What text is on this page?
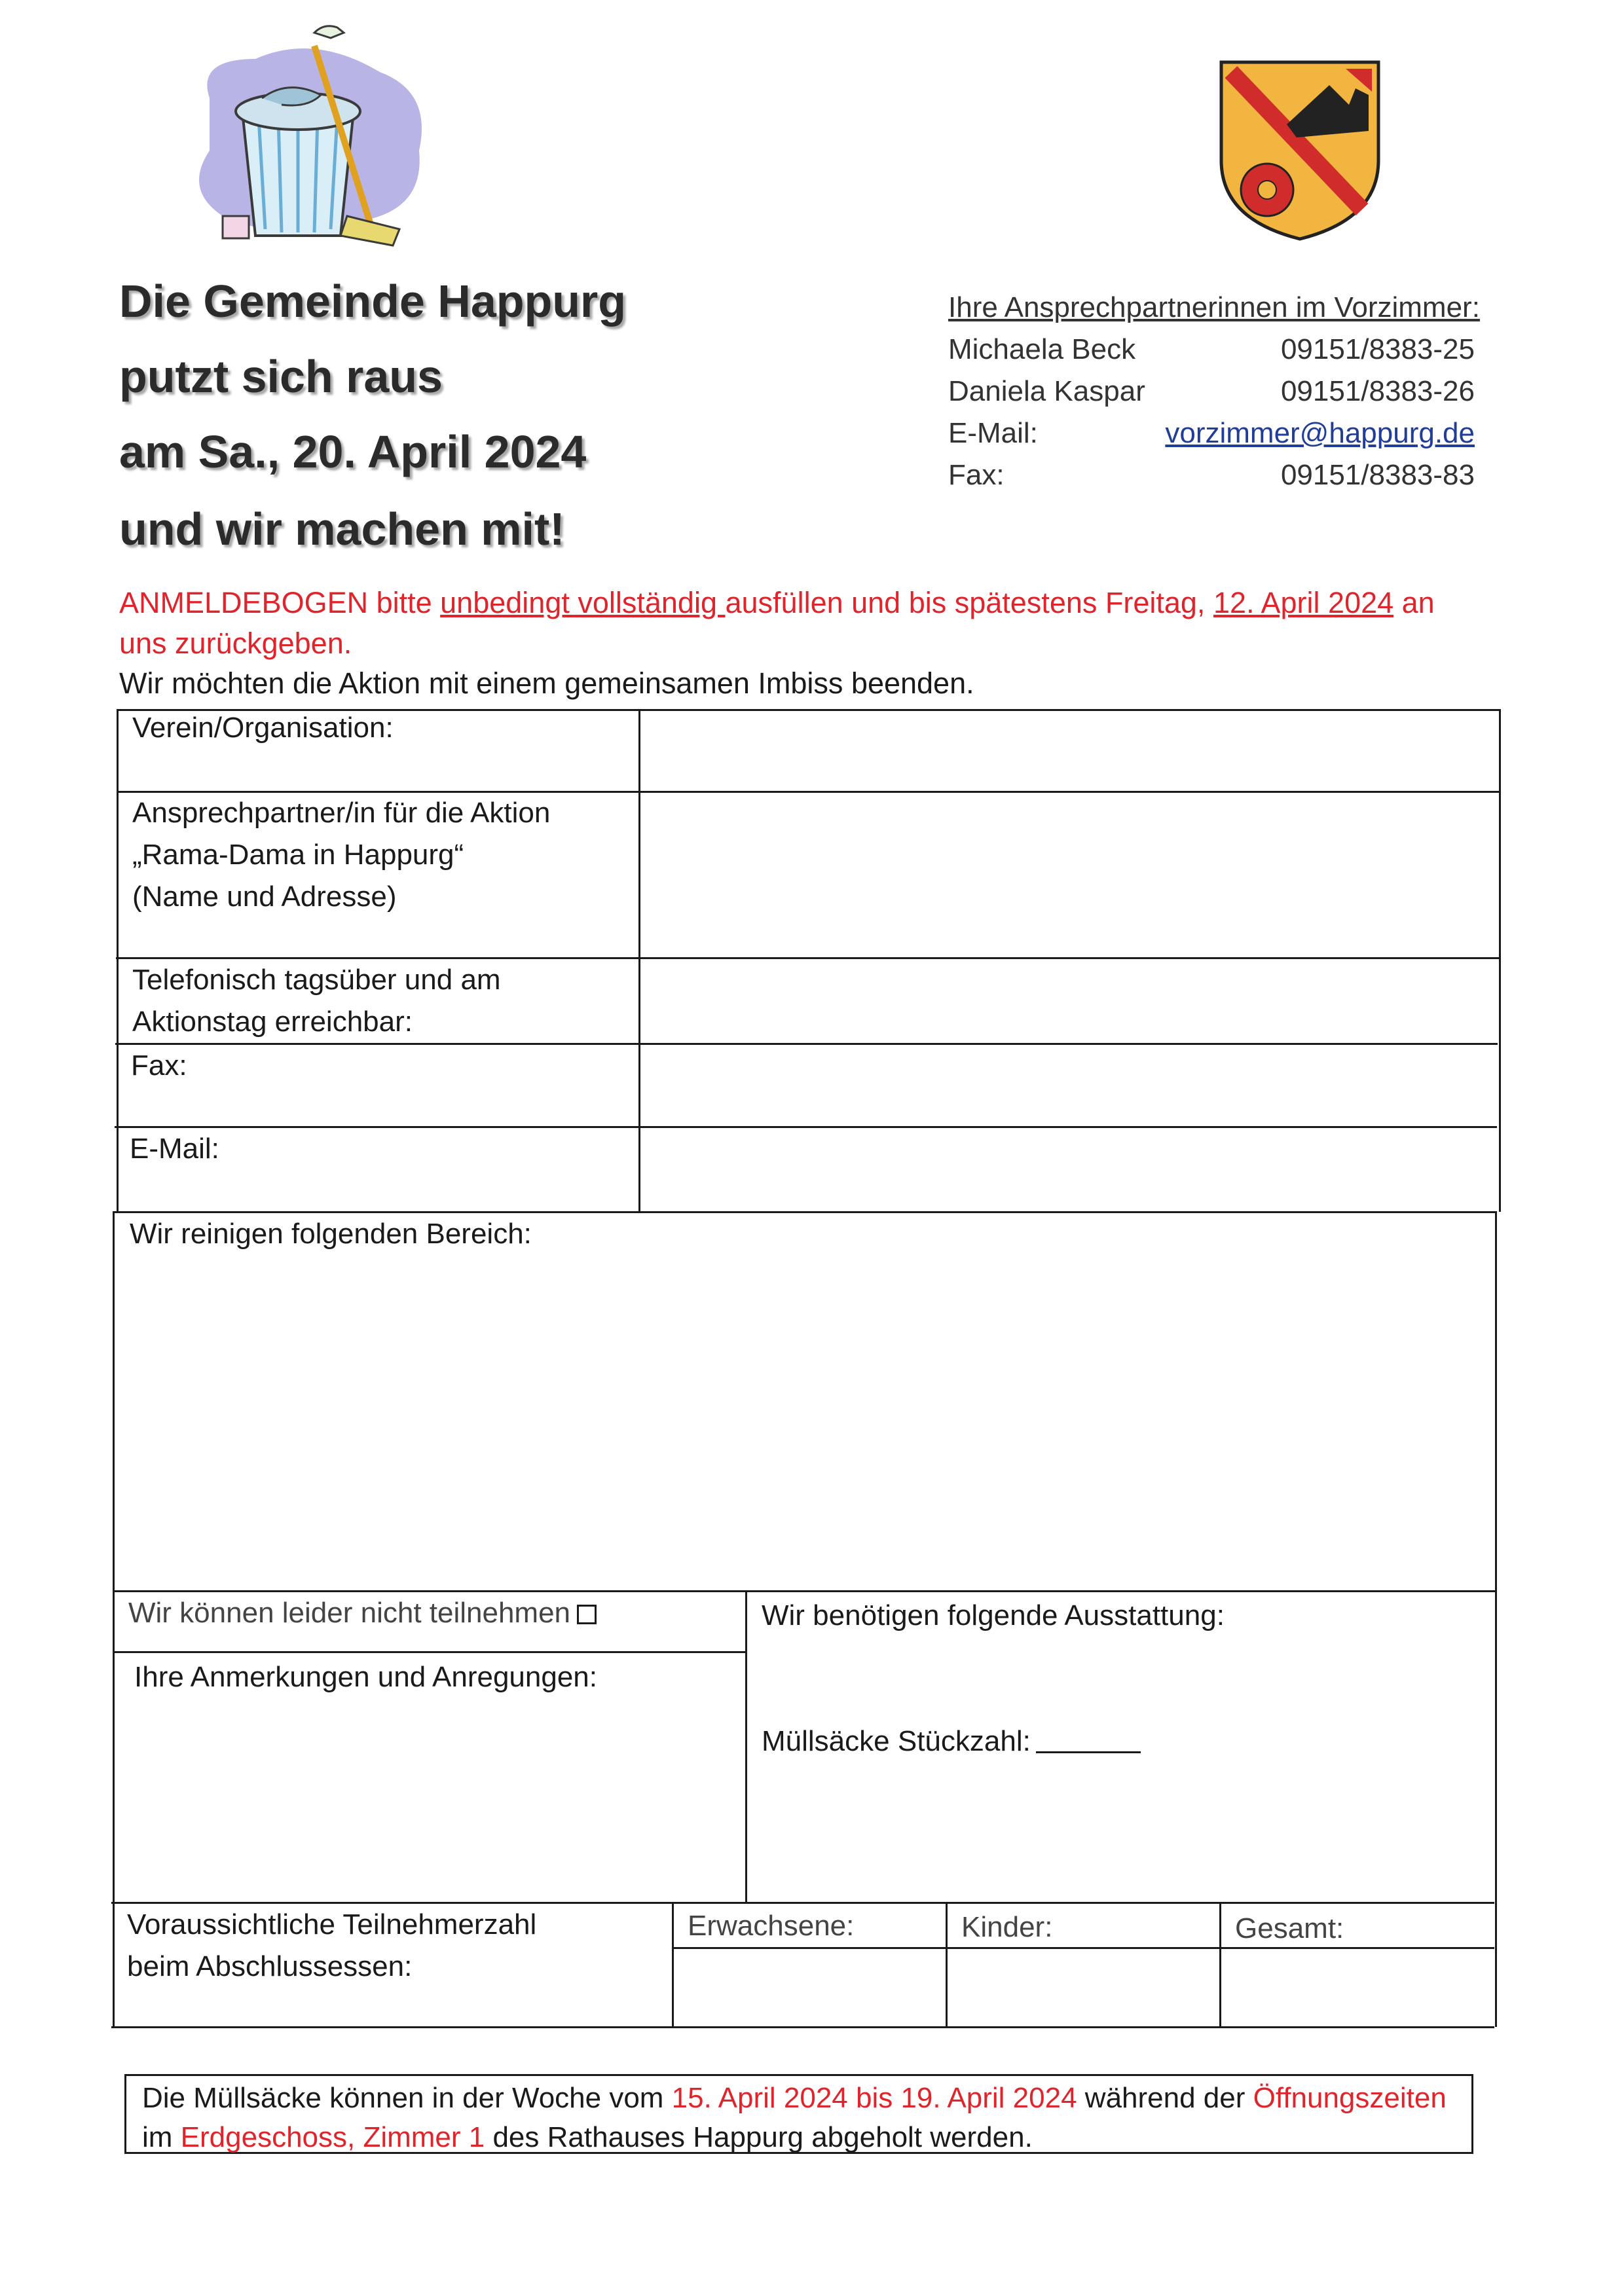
Die Gemeinde Happurg
putzt sich raus
am Sa., 20. April 2024
und wir machen mit!
Ihre Ansprechpartnerinnen im Vorzimmer:
Michaela Beck	09151/8383-25
Daniela Kaspar	09151/8383-26
E-Mail:	vorzimmer@happurg.de
Fax:	09151/8383-83
ANMELDEBOGEN bitte unbedingt vollständig ausfüllen und bis spätestens Freitag, 12. April 2024 an uns zurückgeben.
Wir möchten die Aktion mit einem gemeinsamen Imbiss beenden.
Verein/Organisation:
Ansprechpartner/in für die Aktion
„Rama-Dama in Happurg“
(Name und Adresse)
Telefonisch tagsüber und am
Aktionstag erreichbar:
Fax:
E-Mail:
Wir reinigen folgenden Bereich:
Wir können leider nicht teilnehmen
Ihre Anmerkungen und Anregungen:
Wir benötigen folgende Ausstattung:
Müllsäcke Stückzahl:
Voraussichtliche Teilnehmerzahl
beim Abschlussessen:
Erwachsene:	Kinder:	Gesamt:
Die Müllsäcke können in der Woche vom 15. April 2024 bis 19. April 2024 während der Öffnungszeiten
im Erdgeschoss, Zimmer 1 des Rathauses Happurg abgeholt werden.
